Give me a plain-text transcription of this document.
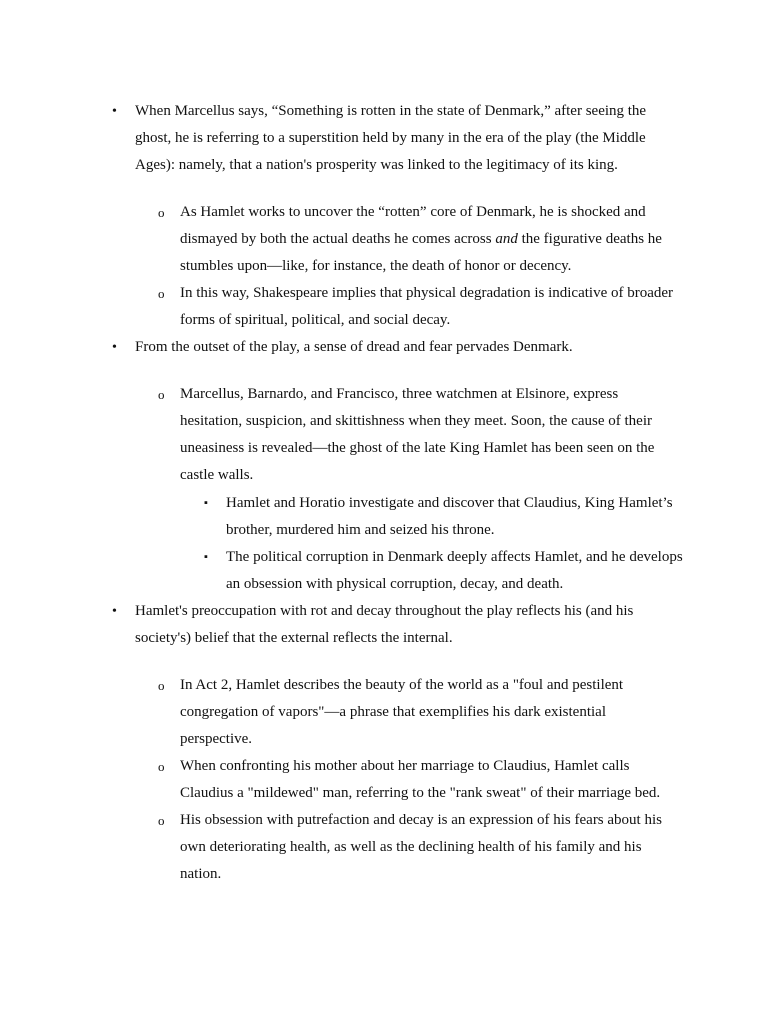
• When Marcellus says, “Something is rotten in the state of Denmark,” after seeing the ghost, he is referring to a superstition held by many in the era of the play (the Middle Ages): namely, that a nation's prosperity was linked to the legitimacy of its king.

o As Hamlet works to uncover the “rotten” core of Denmark, he is shocked and dismayed by both the actual deaths he comes across and the figurative deaths he stumbles upon—like, for instance, the death of honor or decency.

o In this way, Shakespeare implies that physical degradation is indicative of broader forms of spiritual, political, and social decay.

• From the outset of the play, a sense of dread and fear pervades Denmark.

o Marcellus, Barnardo, and Francisco, three watchmen at Elsinore, express hesitation, suspicion, and skittishness when they meet. Soon, the cause of their uneasiness is revealed—the ghost of the late King Hamlet has been seen on the castle walls.

▪ Hamlet and Horatio investigate and discover that Claudius, King Hamlet’s brother, murdered him and seized his throne.

▪ The political corruption in Denmark deeply affects Hamlet, and he develops an obsession with physical corruption, decay, and death.

• Hamlet's preoccupation with rot and decay throughout the play reflects his (and his society's) belief that the external reflects the internal.

o In Act 2, Hamlet describes the beauty of the world as a "foul and pestilent congregation of vapors"—a phrase that exemplifies his dark existential perspective.

o When confronting his mother about her marriage to Claudius, Hamlet calls Claudius a "mildewed" man, referring to the "rank sweat" of their marriage bed.

o His obsession with putrefaction and decay is an expression of his fears about his own deteriorating health, as well as the declining health of his family and his nation.
